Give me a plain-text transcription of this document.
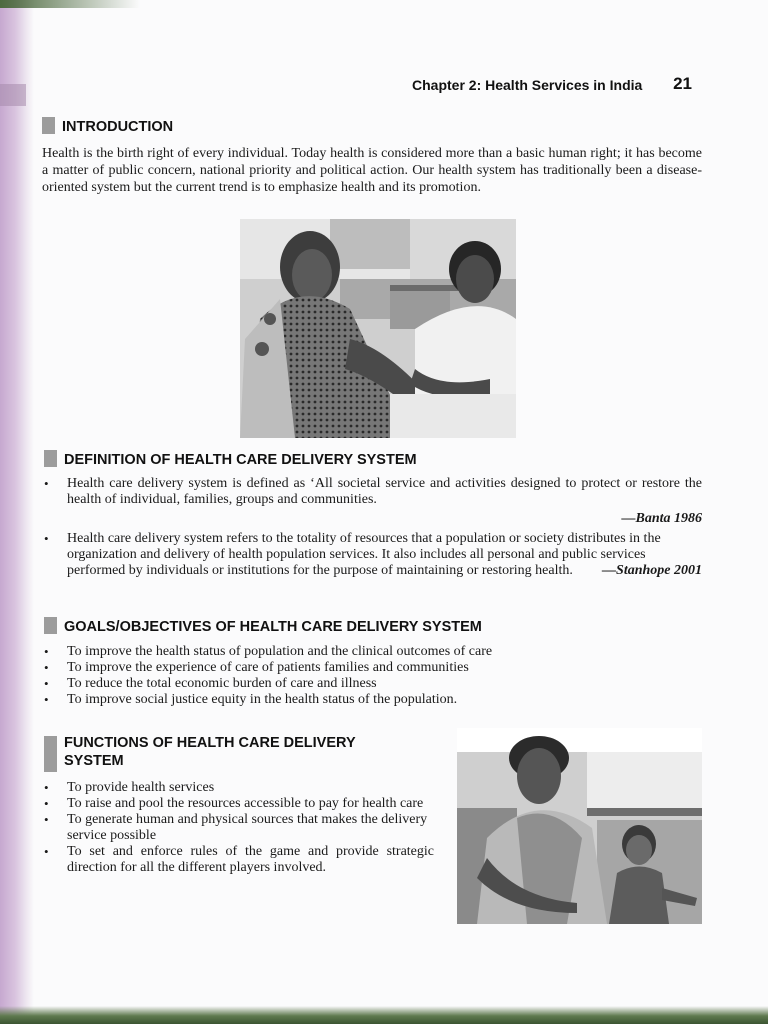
Chapter 2: Health Services in India 21
INTRODUCTION

Health is the birth right of every individual. Today health is considered more than a basic human right; it has become a matter of public concern, national priority and political action. Our health system has traditionally been a disease-oriented system but the current trend is to emphasize health and its promotion.

DEFINITION OF HEALTH CARE DELIVERY SYSTEM
• Health care delivery system is defined as ‘All societal service and activities designed to protect or restore the health of individual, families, groups and communities.
—Banta 1986
• Health care delivery system refers to the totality of resources that a population or society distributes in the organization and delivery of health population services. It also includes all personal and public services performed by individuals or institutions for the purpose of maintaining or restoring health. —Stanhope 2001
GOALS/OBJECTIVES OF HEALTH CARE DELIVERY SYSTEM
• To improve the health status of population and the clinical outcomes of care
• To improve the experience of care of patients families and communities
• To reduce the total economic burden of care and illness
• To improve social justice equity in the health status of the population.
FUNCTIONS OF HEALTH CARE DELIVERY
SYSTEM
• To provide health services
• To raise and pool the resources accessible to pay for health care
• To generate human and physical sources that makes the delivery service possible
• To set and enforce rules of the game and provide strategic direction for all the different players involved.
